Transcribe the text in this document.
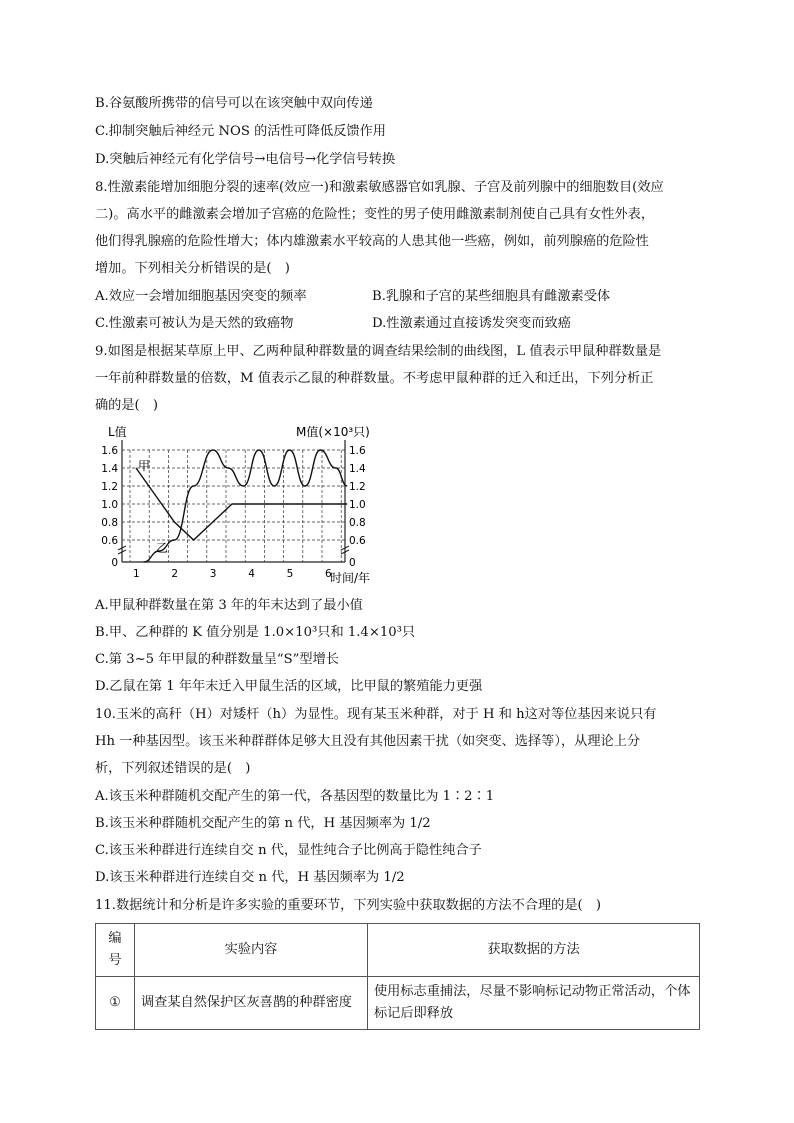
B.谷氨酸所携带的信号可以在该突触中双向传递
C.抑制突触后神经元 NOS 的活性可降低反馈作用
D.突触后神经元有化学信号→电信号→化学信号转换
8.性激素能增加细胞分裂的速率(效应一)和激素敏感器官如乳腺、子宫及前列腺中的细胞数目(效应
二)。高水平的雌激素会增加子宫癌的危险性；变性的男子使用雌激素制剂使自己具有女性外表，
他们得乳腺癌的危险性增大；体内雄激素水平较高的人患其他一些癌，例如，前列腺癌的危险性
增加。下列相关分析错误的是(　)
A.效应一会增加细胞基因突变的频率	B.乳腺和子宫的某些细胞具有雌激素受体
C.性激素可被认为是天然的致癌物	D.性激素通过直接诱发突变而致癌
9.如图是根据某草原上甲、乙两种鼠种群数量的调查结果绘制的曲线图，L 值表示甲鼠种群数量是
一年前种群数量的倍数，M 值表示乙鼠的种群数量。不考虑甲鼠种群的迁入和迁出，下列分析正
确的是(　)
L值	M值(×10³只)
时间/年
1.6
1.4
1.2
1.0
0.8
0.6
0
1.6
1.4
1.2
1.0
0.8
0.6
0
1	2	3	4	5	6
甲
乙
A.甲鼠种群数量在第 3 年的年末达到了最小值
B.甲、乙种群的 K 值分别是 1.0×10³只和 1.4×10³只
C.第 3~5 年甲鼠的种群数量呈“S”型增长
D.乙鼠在第 1 年年末迁入甲鼠生活的区域，比甲鼠的繁殖能力更强
10.玉米的高秆（H）对矮杆（h）为显性。现有某玉米种群，对于 H 和 h这对等位基因来说只有
Hh 一种基因型。该玉米种群群体足够大且没有其他因素干扰（如突变、选择等），从理论上分
析，下列叙述错误的是(　)
A.该玉米种群随机交配产生的第一代，各基因型的数量比为 1∶2∶1
B.该玉米种群随机交配产生的第 n 代，H 基因频率为 1/2
C.该玉米种群进行连续自交 n 代，显性纯合子比例高于隐性纯合子
D.该玉米种群进行连续自交 n 代，H 基因频率为 1/2
11.数据统计和分析是许多实验的重要环节，下列实验中获取数据的方法不合理的是(　)
编号	实验内容	获取数据的方法
①	调查某自然保护区灰喜鹊的种群密度	使用标志重捕法，尽量不影响标记动物正常活动，个体标记后即释放
